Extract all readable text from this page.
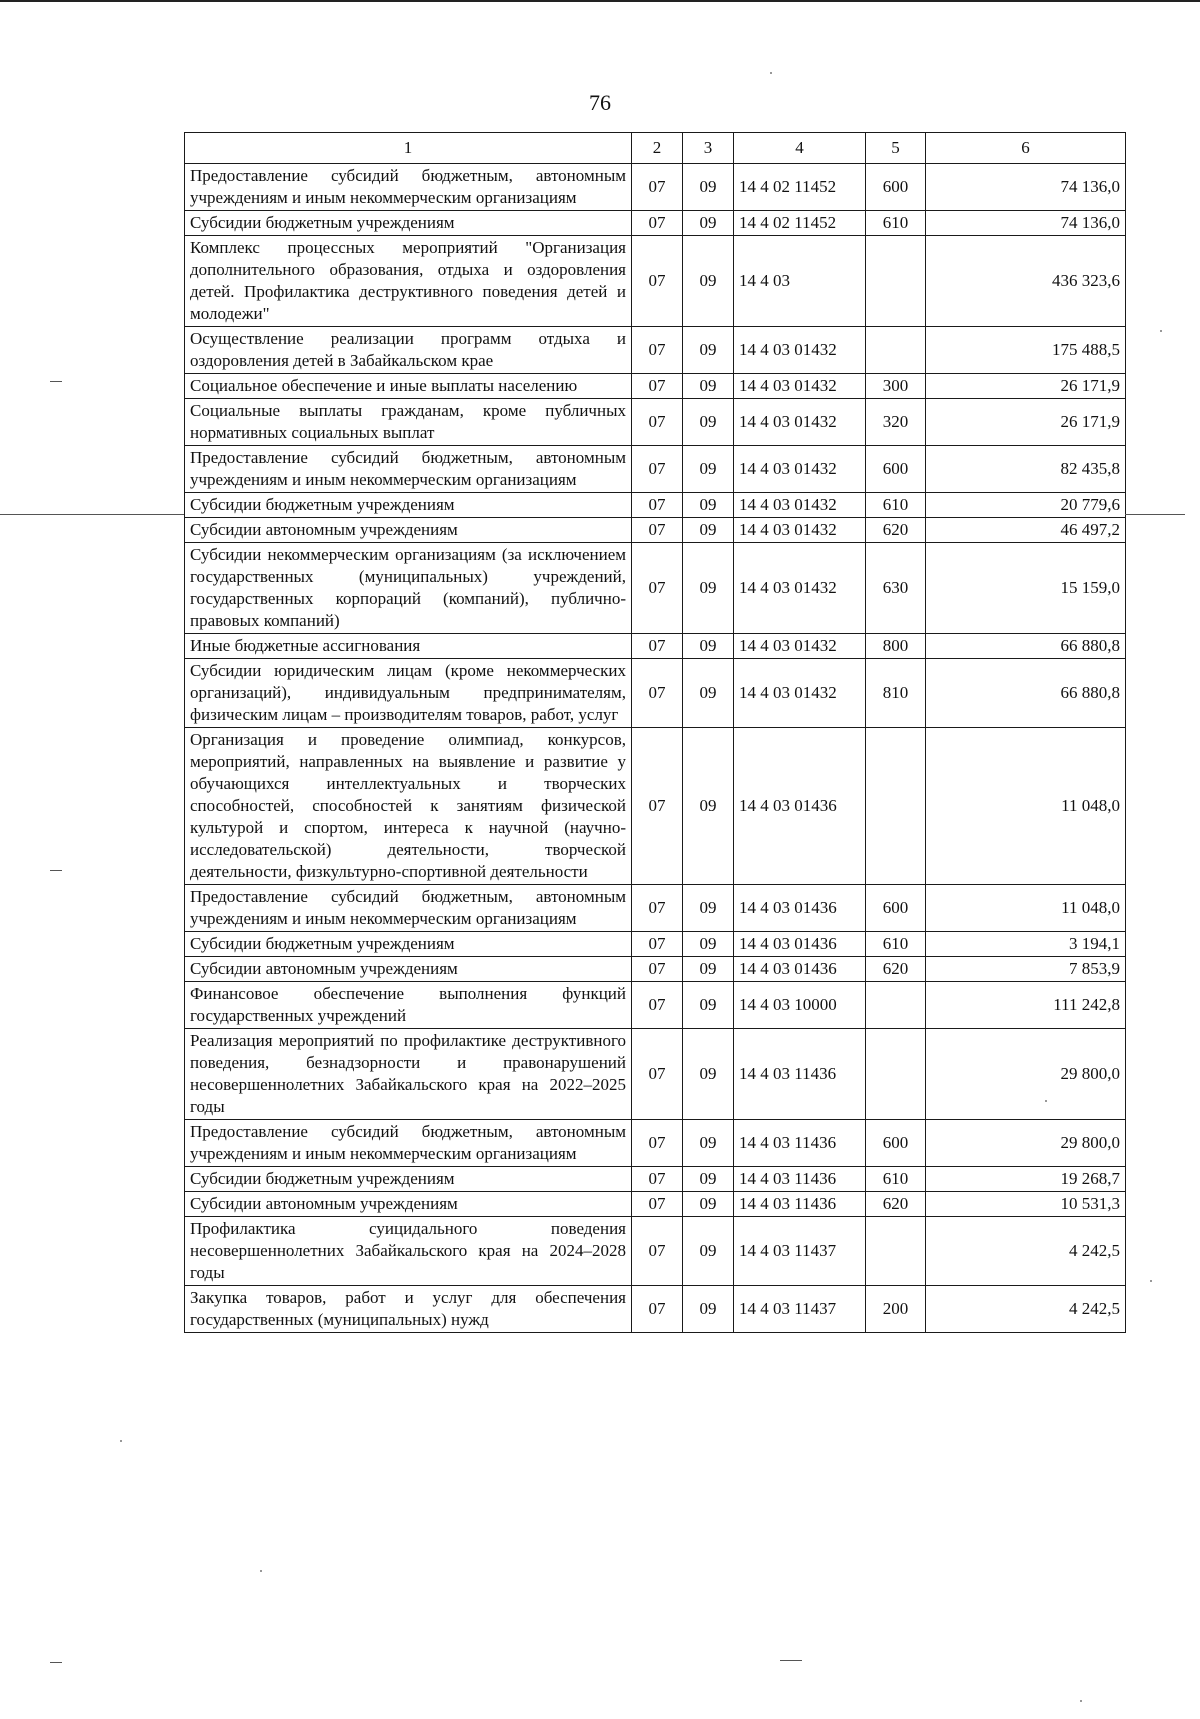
76
1	2	3	4	5	6
Предоставление субсидий бюджетным, автономным учреждениям и иным некоммерческим организациям	07	09	14 4 02 11452	600	74 136,0
Субсидии бюджетным учреждениям	07	09	14 4 02 11452	610	74 136,0
Комплекс процессных мероприятий "Организация дополнительного образования, отдыха и оздоровления детей. Профилактика деструктивного поведения детей и молодежи"	07	09	14 4 03		436 323,6
Осуществление реализации программ отдыха и оздоровления детей в Забайкальском крае	07	09	14 4 03 01432		175 488,5
Социальное обеспечение и иные выплаты населению	07	09	14 4 03 01432	300	26 171,9
Социальные выплаты гражданам, кроме публичных нормативных социальных выплат	07	09	14 4 03 01432	320	26 171,9
Предоставление субсидий бюджетным, автономным учреждениям и иным некоммерческим организациям	07	09	14 4 03 01432	600	82 435,8
Субсидии бюджетным учреждениям	07	09	14 4 03 01432	610	20 779,6
Субсидии автономным учреждениям	07	09	14 4 03 01432	620	46 497,2
Субсидии некоммерческим организациям (за исключением государственных (муниципальных) учреждений, государственных корпораций (компаний), публично-правовых компаний)	07	09	14 4 03 01432	630	15 159,0
Иные бюджетные ассигнования	07	09	14 4 03 01432	800	66 880,8
Субсидии юридическим лицам (кроме некоммерческих организаций), индивидуальным предпринимателям, физическим лицам – производителям товаров, работ, услуг	07	09	14 4 03 01432	810	66 880,8
Организация и проведение олимпиад, конкурсов, мероприятий, направленных на выявление и развитие у обучающихся интеллектуальных и творческих способностей, способностей к занятиям физической культурой и спортом, интереса к научной (научно-исследовательской) деятельности, творческой деятельности, физкультурно-спортивной деятельности	07	09	14 4 03 01436		11 048,0
Предоставление субсидий бюджетным, автономным учреждениям и иным некоммерческим организациям	07	09	14 4 03 01436	600	11 048,0
Субсидии бюджетным учреждениям	07	09	14 4 03 01436	610	3 194,1
Субсидии автономным учреждениям	07	09	14 4 03 01436	620	7 853,9
Финансовое обеспечение выполнения функций государственных учреждений	07	09	14 4 03 10000		111 242,8
Реализация мероприятий по профилактике деструктивного поведения, безнадзорности и правонарушений несовершеннолетних Забайкальского края на 2022–2025 годы	07	09	14 4 03 11436		29 800,0
Предоставление субсидий бюджетным, автономным учреждениям и иным некоммерческим организациям	07	09	14 4 03 11436	600	29 800,0
Субсидии бюджетным учреждениям	07	09	14 4 03 11436	610	19 268,7
Субсидии автономным учреждениям	07	09	14 4 03 11436	620	10 531,3
Профилактика суицидального поведения несовершеннолетних Забайкальского края на 2024–2028 годы	07	09	14 4 03 11437		4 242,5
Закупка товаров, работ и услуг для обеспечения государственных (муниципальных) нужд	07	09	14 4 03 11437	200	4 242,5
